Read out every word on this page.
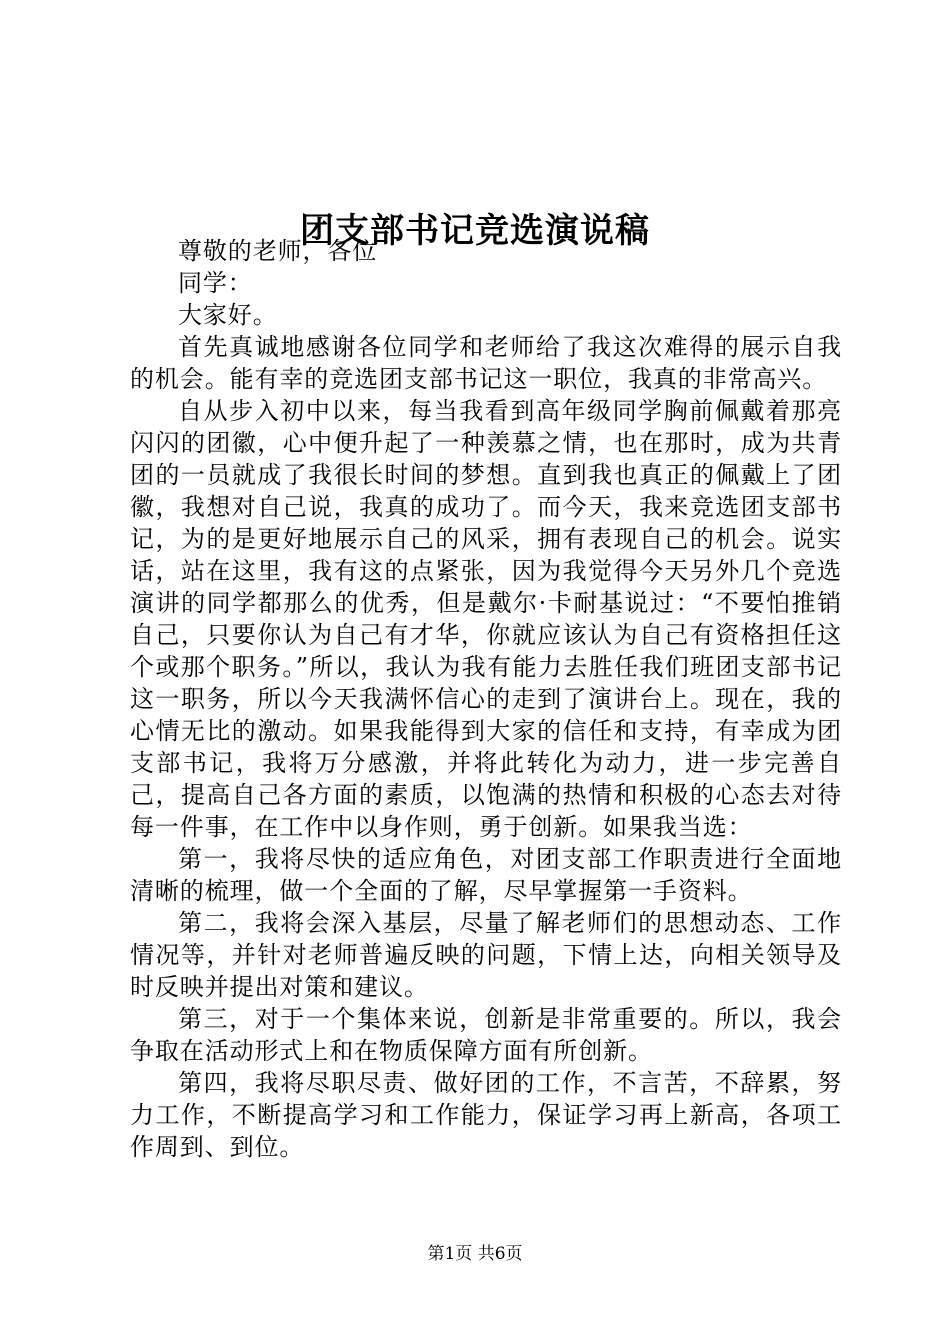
团支部书记竞选演说稿

尊敬的老师，各位

同学：

大家好。

首先真诚地感谢各位同学和老师给了我这次难得的展示自我的机会。能有幸的竞选团支部书记这一职位，我真的非常高兴。

自从步入初中以来，每当我看到高年级同学胸前佩戴着那亮闪闪的团徽，心中便升起了一种羡慕之情，也在那时，成为共青团的一员就成了我很长时间的梦想。直到我也真正的佩戴上了团徽，我想对自己说，我真的成功了。而今天，我来竞选团支部书记，为的是更好地展示自己的风采，拥有表现自己的机会。说实话，站在这里，我有这的点紧张，因为我觉得今天另外几个竞选演讲的同学都那么的优秀，但是戴尔·卡耐基说过：“不要怕推销自己，只要你认为自己有才华，你就应该认为自己有资格担任这个或那个职务。”所以，我认为我有能力去胜任我们班团支部书记这一职务，所以今天我满怀信心的走到了演讲台上。现在，我的心情无比的激动。如果我能得到大家的信任和支持，有幸成为团支部书记，我将万分感激，并将此转化为动力，进一步完善自己，提高自己各方面的素质，以饱满的热情和积极的心态去对待每一件事，在工作中以身作则，勇于创新。如果我当选：

第一，我将尽快的适应角色，对团支部工作职责进行全面地清晰的梳理，做一个全面的了解，尽早掌握第一手资料。

第二，我将会深入基层，尽量了解老师们的思想动态、工作情况等，并针对老师普遍反映的问题，下情上达，向相关领导及时反映并提出对策和建议。

第三，对于一个集体来说，创新是非常重要的。所以，我会争取在活动形式上和在物质保障方面有所创新。

第四，我将尽职尽责、做好团的工作，不言苦，不辞累，努力工作，不断提高学习和工作能力，保证学习再上新高，各项工作周到、到位。

第1页 共6页
